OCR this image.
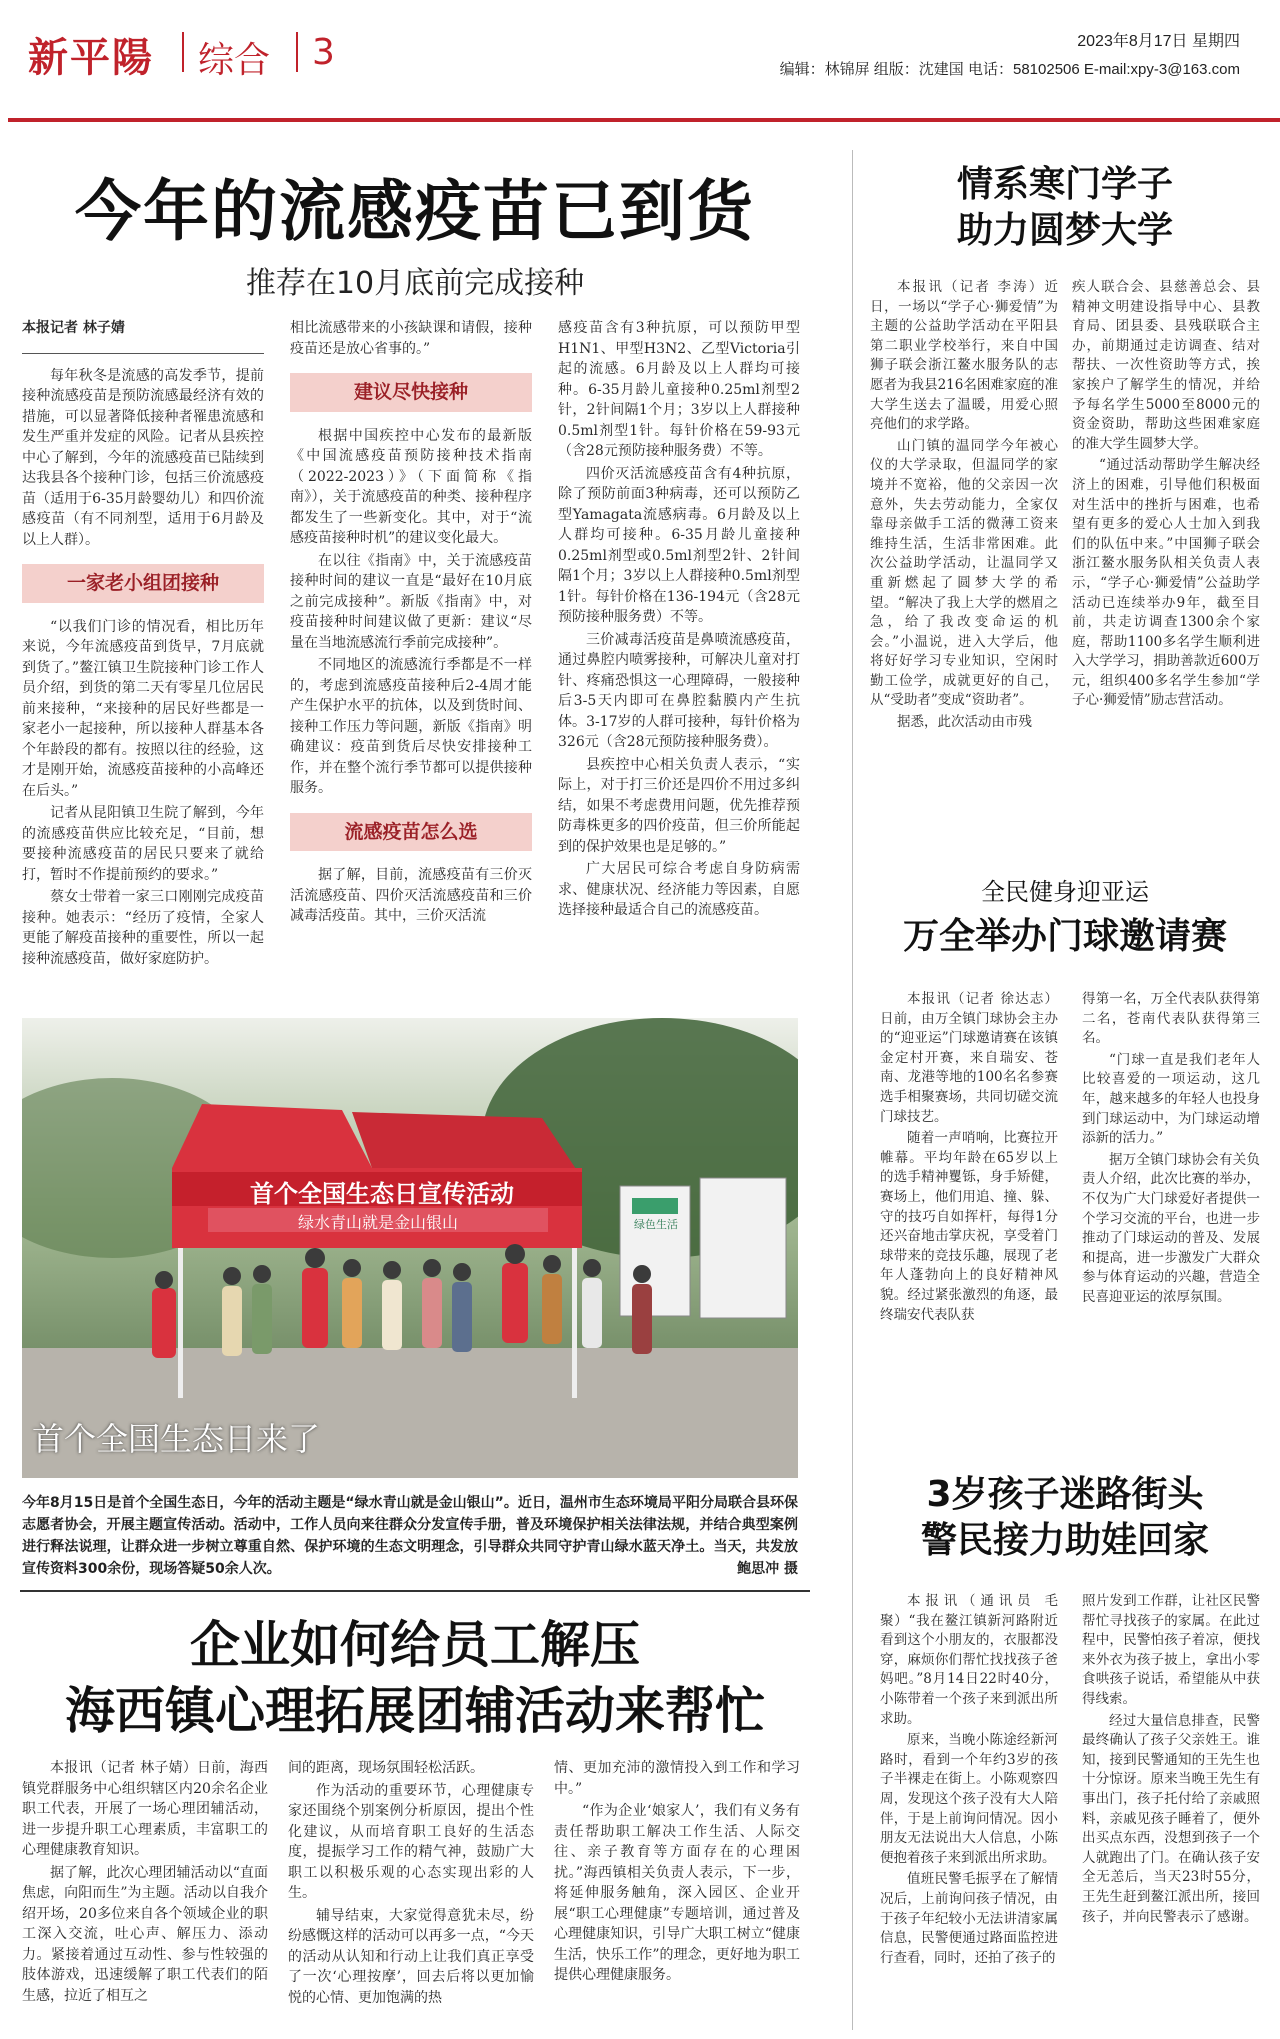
新平陽 综合 3	2023年8月17日 星期四
编辑：林锦屏 组版：沈建国 电话：58102506 E-mail:xpy-3@163.com
今年的流感疫苗已到货
推荐在10月底前完成接种
本报记者 林子婧

每年秋冬是流感的高发季节，提前接种流感疫苗是预防流感最经济有效的措施，可以显著降低接种者罹患流感和发生严重并发症的风险。记者从县疾控中心了解到，今年的流感疫苗已陆续到达我县各个接种门诊，包括三价流感疫苗（适用于6-35月龄婴幼儿）和四价流感疫苗（有不同剂型，适用于6月龄及以上人群）。

一家老小组团接种

“以我们门诊的情况看，相比历年来说，今年流感疫苗到货早，7月底就到货了。”鳌江镇卫生院接种门诊工作人员介绍，到货的第二天有零星几位居民前来接种，“来接种的居民好些都是一家老小一起接种，所以接种人群基本各个年龄段的都有。按照以往的经验，这才是刚开始，流感疫苗接种的小高峰还在后头。”

记者从昆阳镇卫生院了解到，今年的流感疫苗供应比较充足，“目前，想要接种流感疫苗的居民只要来了就给打，暂时不作提前预约的要求。”

蔡女士带着一家三口刚刚完成疫苗接种。她表示：“经历了疫情，全家人更能了解疫苗接种的重要性，所以一起接种流感疫苗，做好家庭防护。

相比流感带来的小孩缺课和请假，接种疫苗还是放心省事的。”

建议尽快接种

根据中国疾控中心发布的最新版《中国流感疫苗预防接种技术指南（2022-2023）》（下面简称《指南》），关于流感疫苗的种类、接种程序都发生了一些新变化。其中，对于“流感疫苗接种时机”的建议变化最大。

在以往《指南》中，关于流感疫苗接种时间的建议一直是“最好在10月底之前完成接种”。新版《指南》中，对疫苗接种时间建议做了更新：建议“尽量在当地流感流行季前完成接种”。

不同地区的流感流行季都是不一样的，考虑到流感疫苗接种后2-4周才能产生保护水平的抗体，以及到货时间、接种工作压力等问题，新版《指南》明确建议：疫苗到货后尽快安排接种工作，并在整个流行季节都可以提供接种服务。

流感疫苗怎么选

据了解，目前，流感疫苗有三价灭活流感疫苗、四价灭活流感疫苗和三价减毒活疫苗。其中，三价灭活流

感疫苗含有3种抗原，可以预防甲型H1N1、甲型H3N2、乙型Victoria引起的流感。6月龄及以上人群均可接种。6-35月龄儿童接种0.25ml剂型2针，2针间隔1个月；3岁以上人群接种0.5ml剂型1针。每针价格在59-93元（含28元预防接种服务费）不等。

四价灭活流感疫苗含有4种抗原，除了预防前面3种病毒，还可以预防乙型Yamagata流感病毒。6月龄及以上人群均可接种。6-35月龄儿童接种0.25ml剂型或0.5ml剂型2针、2针间隔1个月；3岁以上人群接种0.5ml剂型1针。每针价格在136-194元（含28元预防接种服务费）不等。

三价减毒活疫苗是鼻喷流感疫苗，通过鼻腔内喷雾接种，可解决儿童对打针、疼痛恐惧这一心理障碍，一般接种后3-5天内即可在鼻腔黏膜内产生抗体。3-17岁的人群可接种，每针价格为326元（含28元预防接种服务费）。

县疾控中心相关负责人表示，“实际上，对于打三价还是四价不用过多纠结，如果不考虑费用问题，优先推荐预防毒株更多的四价疫苗，但三价所能起到的保护效果也是足够的。”

广大居民可综合考虑自身防病需求、健康状况、经济能力等因素，自愿选择接种最适合自己的流感疫苗。

情系寒门学子
助力圆梦大学

本报讯（记者 李涛）近日，一场以“学子心·狮爱情”为主题的公益助学活动在平阳县第二职业学校举行，来自中国狮子联会浙江鳌水服务队的志愿者为我县216名困难家庭的准大学生送去了温暖，用爱心照亮他们的求学路。

山门镇的温同学今年被心仪的大学录取，但温同学的家境并不宽裕，他的父亲因一次意外，失去劳动能力，全家仅靠母亲做手工活的微薄工资来维持生活，生活非常困难。此次公益助学活动，让温同学又重新燃起了圆梦大学的希望。“解决了我上大学的燃眉之急，给了我改变命运的机会。”小温说，进入大学后，他将好好学习专业知识，空闲时勤工俭学，成就更好的自己，从“受助者”变成“资助者”。

据悉，此次活动由市残

疾人联合会、县慈善总会、县精神文明建设指导中心、县教育局、团县委、县残联联合主办，前期通过走访调查、结对帮扶、一次性资助等方式，挨家挨户了解学生的情况，并给予每名学生5000至8000元的资金资助，帮助这些困难家庭的准大学生圆梦大学。

“通过活动帮助学生解决经济上的困难，引导他们积极面对生活中的挫折与困难，也希望有更多的爱心人士加入到我们的队伍中来。”中国狮子联会浙江鳌水服务队相关负责人表示，“学子心·狮爱情”公益助学活动已连续举办9年，截至目前，共走访调查1300余个家庭，帮助1100多名学生顺利进入大学学习，捐助善款近600万元，组织400多名学生参加“学子心·狮爱情”励志营活动。

全民健身迎亚运
万全举办门球邀请赛

本报讯（记者 徐达志）日前，由万全镇门球协会主办的“迎亚运”门球邀请赛在该镇金定村开赛，来自瑞安、苍南、龙港等地的100名名参赛选手相聚赛场，共同切磋交流门球技艺。

随着一声哨响，比赛拉开帷幕。平均年龄在65岁以上的选手精神矍铄，身手矫健，赛场上，他们用追、撞、躲、守的技巧自如挥杆，每得1分还兴奋地击掌庆祝，享受着门球带来的竞技乐趣，展现了老年人蓬勃向上的良好精神风貌。经过紧张激烈的角逐，最终瑞安代表队获

得第一名，万全代表队获得第二名，苍南代表队获得第三名。

“门球一直是我们老年人比较喜爱的一项运动，这几年，越来越多的年轻人也投身到门球运动中，为门球运动增添新的活力。”

据万全镇门球协会有关负责人介绍，此次比赛的举办，不仅为广大门球爱好者提供一个学习交流的平台，也进一步推动了门球运动的普及、发展和提高，进一步激发广大群众参与体育运动的兴趣，营造全民喜迎亚运的浓厚氛围。

3岁孩子迷路街头
警民接力助娃回家

本报讯（通讯员 毛聚）“我在鳌江镇新河路附近看到这个小朋友的，衣服都没穿，麻烦你们帮忙找找孩子爸妈吧。”8月14日22时40分，小陈带着一个孩子来到派出所求助。

原来，当晚小陈途经新河路时，看到一个年约3岁的孩子半裸走在街上。小陈观察四周，发现这个孩子没有大人陪伴，于是上前询问情况。因小朋友无法说出大人信息，小陈便抱着孩子来到派出所求助。

值班民警毛振孚在了解情况后，上前询问孩子情况，由于孩子年纪较小无法讲清家属信息，民警便通过路面监控进行查看，同时，还拍了孩子的

照片发到工作群，让社区民警帮忙寻找孩子的家属。在此过程中，民警怕孩子着凉，便找来外衣为孩子披上，拿出小零食哄孩子说话，希望能从中获得线索。

经过大量信息排查，民警最终确认了孩子父亲姓王。谁知，接到民警通知的王先生也十分惊讶。原来当晚王先生有事出门，孩子托付给了亲戚照料，亲戚见孩子睡着了，便外出买点东西，没想到孩子一个人就跑出了门。在确认孩子安全无恙后，当天23时55分，王先生赶到鳌江派出所，接回孩子，并向民警表示了感谢。

首个全国生态日宣传活动
绿水青山就是金山银山	绿色生活
首个全国生态日来了
今年8月15日是首个全国生态日，今年的活动主题是“绿水青山就是金山银山”。近日，温州市生态环境局平阳分局联合县环保志愿者协会，开展主题宣传活动。活动中，工作人员向来往群众分发宣传手册，普及环境保护相关法律法规，并结合典型案例进行释法说理，让群众进一步树立尊重自然、保护环境的生态文明理念，引导群众共同守护青山绿水蓝天净土。当天，共发放宣传资料300余份，现场答疑50余人次。	鲍思冲 摄
企业如何给员工解压
海西镇心理拓展团辅活动来帮忙

本报讯（记者 林子婧）日前，海西镇党群服务中心组织辖区内20余名企业职工代表，开展了一场心理团辅活动，进一步提升职工心理素质，丰富职工的心理健康教育知识。

据了解，此次心理团辅活动以“直面焦虑，向阳而生”为主题。活动以自我介绍开场，20多位来自各个领域企业的职工深入交流，吐心声、解压力、添动力。紧接着通过互动性、参与性较强的肢体游戏，迅速缓解了职工代表们的陌生感，拉近了相互之

间的距离，现场氛围轻松活跃。

作为活动的重要环节，心理健康专家还围绕个别案例分析原因，提出个性化建议，从而培育职工良好的生活态度，提振学习工作的精气神，鼓励广大职工以积极乐观的心态实现出彩的人生。

辅导结束，大家觉得意犹未尽，纷纷感慨这样的活动可以再多一点，“今天的活动从认知和行动上让我们真正享受了一次‘心理按摩’，回去后将以更加愉悦的心情、更加饱满的热

情、更加充沛的激情投入到工作和学习中。”

“作为企业‘娘家人’，我们有义务有责任帮助职工解决工作生活、人际交往、亲子教育等方面存在的心理困扰。”海西镇相关负责人表示，下一步，将延伸服务触角，深入园区、企业开展“职工心理健康”专题培训，通过普及心理健康知识，引导广大职工树立“健康生活，快乐工作”的理念，更好地为职工提供心理健康服务。
